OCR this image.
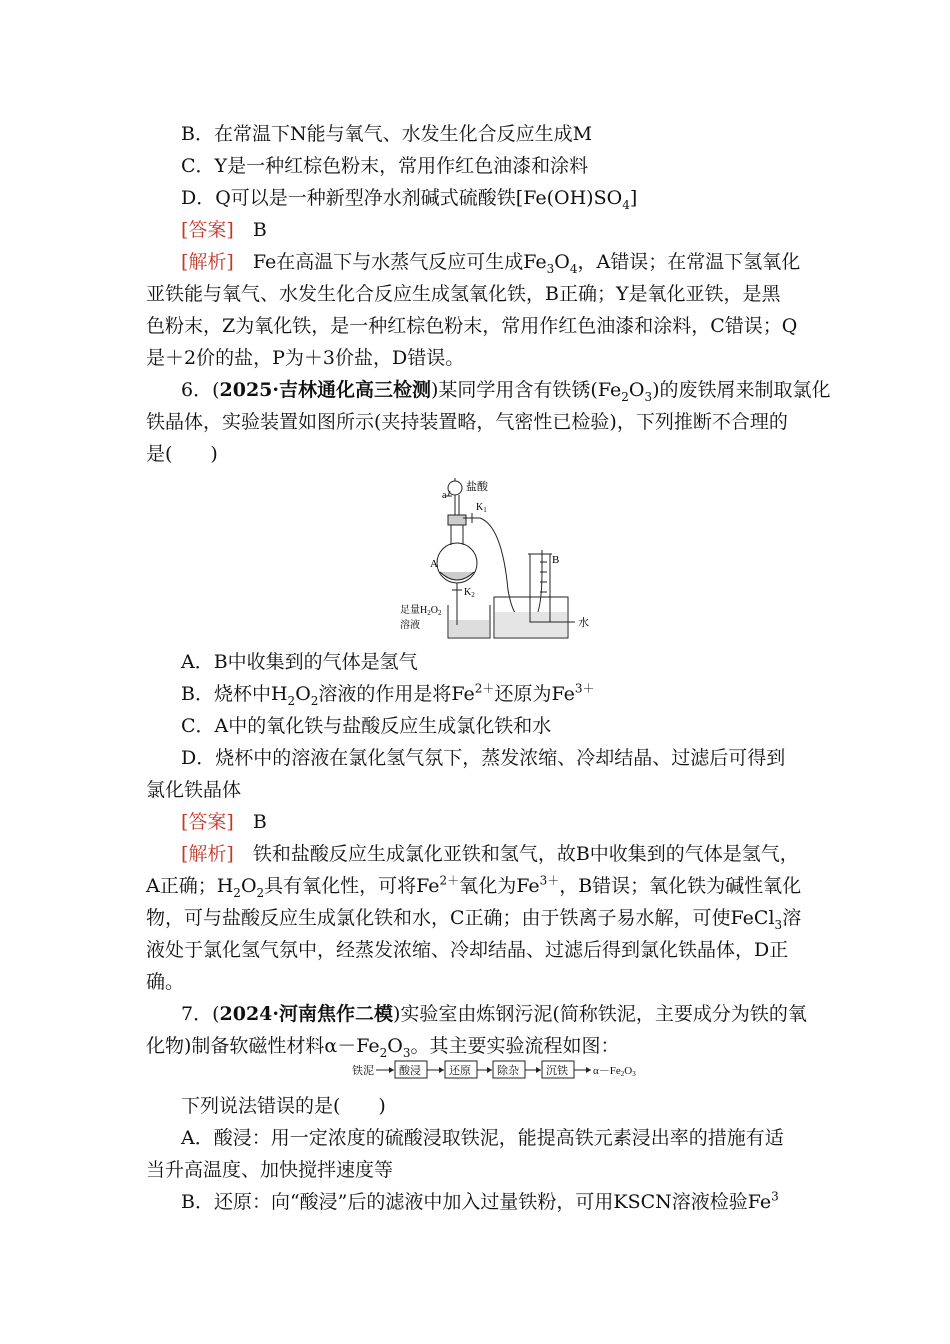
B．在常温下N能与氧气、水发生化合反应生成M
C．Y是一种红棕色粉末，常用作红色油漆和涂料
D．Q可以是一种新型净水剂碱式硫酸铁$[Fe(OH)SO_4]$
[答案]　 B
[解析]　 Fe在高温下与水蒸气反应可生成$Fe_3O_4$，A错误；在常温下氢氧化
亚铁能与氧气、水发生化合反应生成氢氧化铁，B正确；Y是氧化亚铁，是黑
色粉末，Z为氧化铁，是一种红棕色粉末，常用作红色油漆和涂料，C错误；Q
是＋2价的盐，P为＋3价盐，D错误。
6．(2025·吉林通化高三检测)某同学用含有铁锈$(Fe_2O_3)$的废铁屑来制取氯化
铁晶体，实验装置如图所示(夹持装置略，气密性已检验)，下列推断不合理的
是(　　)
盐酸
a
$K_1$
A
$K_2$
B
足量$H_2O_2$
溶液	水
A．B中收集到的气体是氢气
B．烧杯中$H_2O_2$溶液的作用是将$Fe^{2+}$还原为$Fe^{3+}$
C．A中的氧化铁与盐酸反应生成氯化铁和水
D．烧杯中的溶液在氯化氢气氛下，蒸发浓缩、冷却结晶、过滤后可得到
氯化铁晶体
[答案]　 B
[解析]　 铁和盐酸反应生成氯化亚铁和氢气，故B中收集到的气体是氢气，
A正确；$H_2O_2$具有氧化性，可将$Fe^{2+}$氧化为$Fe^{3+}$，B错误；氧化铁为碱性氧化
物，可与盐酸反应生成氯化铁和水，C正确；由于铁离子易水解，可使FeCl$_3$溶
液处于氯化氢气氛中，经蒸发浓缩、冷却结晶、过滤后得到氯化铁晶体，D正
确。
7．(2024·河南焦作二模)实验室由炼钢污泥(简称铁泥，主要成分为铁的氧
化物)制备软磁性材料$\alpha-Fe_2O_3$。其主要实验流程如图：
铁泥 酸浸	还原 除杂 沉铁 α－Fe2O3
下列说法错误的是(　　)
A．酸浸：用一定浓度的硫酸浸取铁泥，能提高铁元素浸出率的措施有适
当升高温度、加快搅拌速度等
B．还原：向“酸浸”后的滤液中加入过量铁粉，可用KSCN溶液检验Fe$^3$
